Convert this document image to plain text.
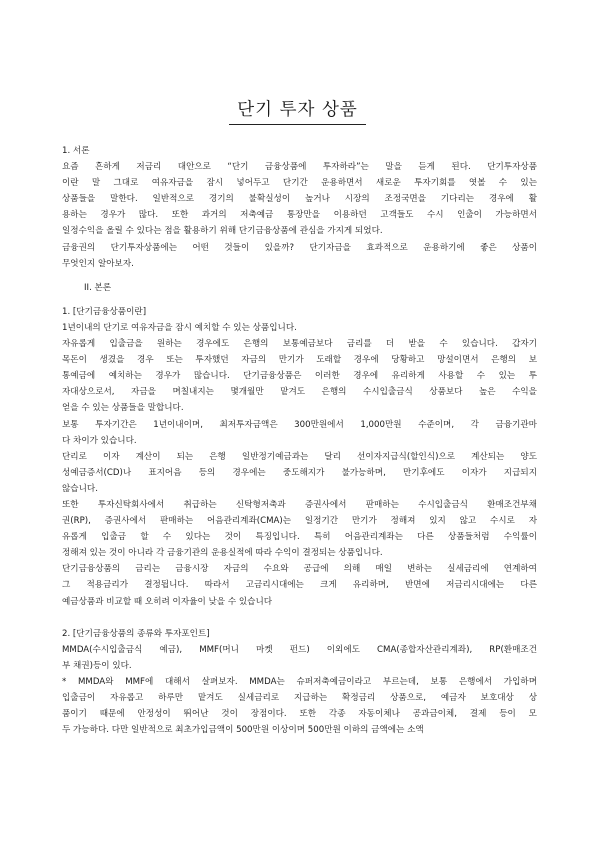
단기 투자 상품
1. 서론
요즘 흔하게 저금리 대안으로 “단기 금융상품에 투자하라”는 말을 듣게 된다. 단기투자상품
이란 말 그대로 여유자금을 잠시 넣어두고 단기간 운용하면서 새로운 투자기회를 엿볼 수 있는
상품들을 말한다. 일반적으로 경기의 불확실성이 높거나 시장의 조정국면을 기다리는 경우에 활
용하는 경우가 많다. 또한 과거의 저축예금 통장만을 이용하던 고객들도 수시 인출이 가능하면서
일정수익을 올릴 수 있다는 점을 활용하기 위해 단기금융상품에 관심을 가지게 되었다.
금융권의 단기투자상품에는 어떤 것들이 있을까? 단기자금을 효과적으로 운용하기에 좋은 상품이
무엇인지 알아보자.
II. 본론
1. [단기금융상품이란]
1년이내의 단기로 여유자금을 잠시 예치할 수 있는 상품입니다.
자유롭게 입출금을 원하는 경우에도 은행의 보통예금보다 금리를 더 받을 수 있습니다. 갑자기
목돈이 생겼을 경우 또는 투자했던 자금의 만기가 도래할 경우에 당황하고 망설이면서 은행의 보
통예금에 예치하는 경우가 많습니다. 단기금융상품은 이러한 경우에 유리하게 사용할 수 있는 투
자대상으로서, 자금을 며칠내지는 몇개월만 맡겨도 은행의 수시입출금식 상품보다 높은 수익을
얻을 수 있는 상품들을 말합니다.
보통 투자기간은 1년이내이며, 최저투자금액은 300만원에서 1,000만원 수준이며, 각 금융기관마
다 차이가 있습니다.
단리로 이자 계산이 되는 은행 일반정기예금과는 달리 선이자지급식(할인식)으로 계산되는 양도
성예금증서(CD)나 표지어음 등의 경우에는 중도해지가 불가능하며, 만기후에도 이자가 지급되지
않습니다.
또한 투자신탁회사에서 취급하는 신탁형저축과 증권사에서 판매하는 수시입출금식 환매조건부채
권(RP), 증권사에서 판매하는 어음관리계좌(CMA)는 일정기간 만기가 정해져 있지 않고 수시로 자
유롭게 입출금 할 수 있다는 것이 특징입니다. 특히 어음관리계좌는 다른 상품들처럼 수익률이
정해져 있는 것이 아니라 각 금융기관의 운용실적에 따라 수익이 결정되는 상품입니다.
단기금융상품의 금리는 금융시장 자금의 수요와 공급에 의해 매일 변하는 실세금리에 연계하여
그 적용금리가 결정됩니다. 따라서 고금리시대에는 크게 유리하며, 반면에 저금리시대에는 다른
예금상품과 비교할 때 오히려 이자율이 낮을 수 있습니다
2. [단기금융상품의 종류와 투자포인트]
MMDA(수시입출금식 예금), MMF(머니 마켓 펀드) 이외에도 CMA(종합자산관리계좌), RP(환매조건
부 채권)등이 있다.
* MMDA와 MMF에 대해서 살펴보자. MMDA는 슈퍼저축예금이라고 부르는데, 보통 은행에서 가입하며
입출금이 자유롭고 하루만 맡겨도 실세금리로 지급하는 확정금리 상품으로, 예금자 보호대상 상
품이기 때문에 안정성이 뛰어난 것이 장점이다. 또한 각종 자동이체나 공과금이체, 결제 등이 모
두 가능하다. 다만 일반적으로 최초가입금액이 500만원 이상이며 500만원 이하의 금액에는 소액
